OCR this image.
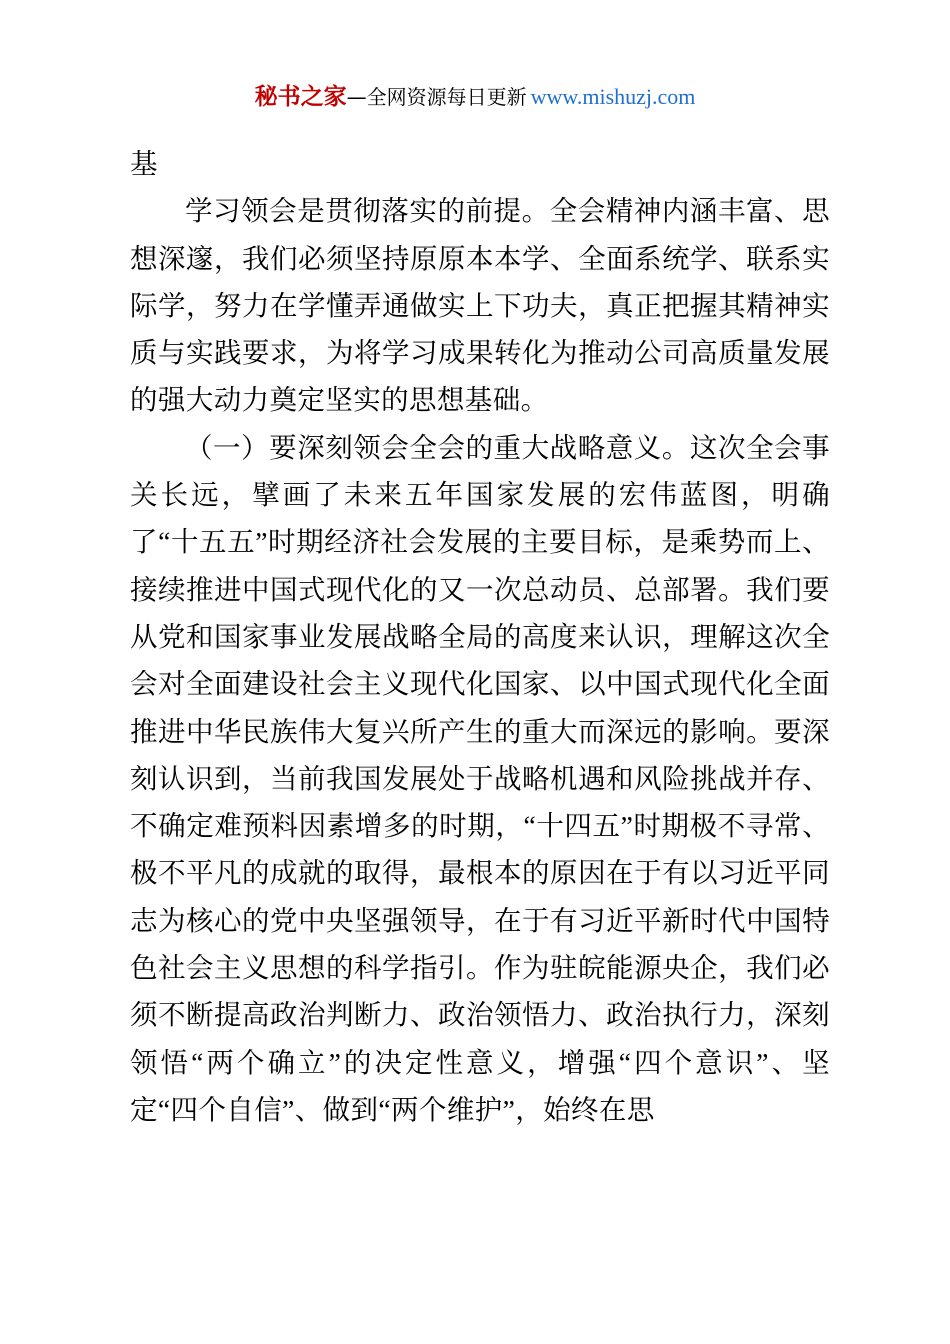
秘书之家—全网资源每日更新 www.mishuzj.com

基

学习领会是贯彻落实的前提。全会精神内涵丰富、思想深邃，我们必须坚持原原本本学、全面系统学、联系实际学，努力在学懂弄通做实上下功夫，真正把握其精神实质与实践要求，为将学习成果转化为推动公司高质量发展的强大动力奠定坚实的思想基础。

（一）要深刻领会全会的重大战略意义。这次全会事关长远，擘画了未来五年国家发展的宏伟蓝图，明确了“十五五”时期经济社会发展的主要目标，是乘势而上、接续推进中国式现代化的又一次总动员、总部署。我们要从党和国家事业发展战略全局的高度来认识，理解这次全会对全面建设社会主义现代化国家、以中国式现代化全面推进中华民族伟大复兴所产生的重大而深远的影响。要深刻认识到，当前我国发展处于战略机遇和风险挑战并存、不确定难预料因素增多的时期，“十四五”时期极不寻常、极不平凡的成就的取得，最根本的原因在于有以习近平同志为核心的党中央坚强领导，在于有习近平新时代中国特色社会主义思想的科学指引。作为驻皖能源央企，我们必须不断提高政治判断力、政治领悟力、政治执行力，深刻领悟“两个确立”的决定性意义，增强“四个意识”、坚定“四个自信”、做到“两个维护”，始终在思
